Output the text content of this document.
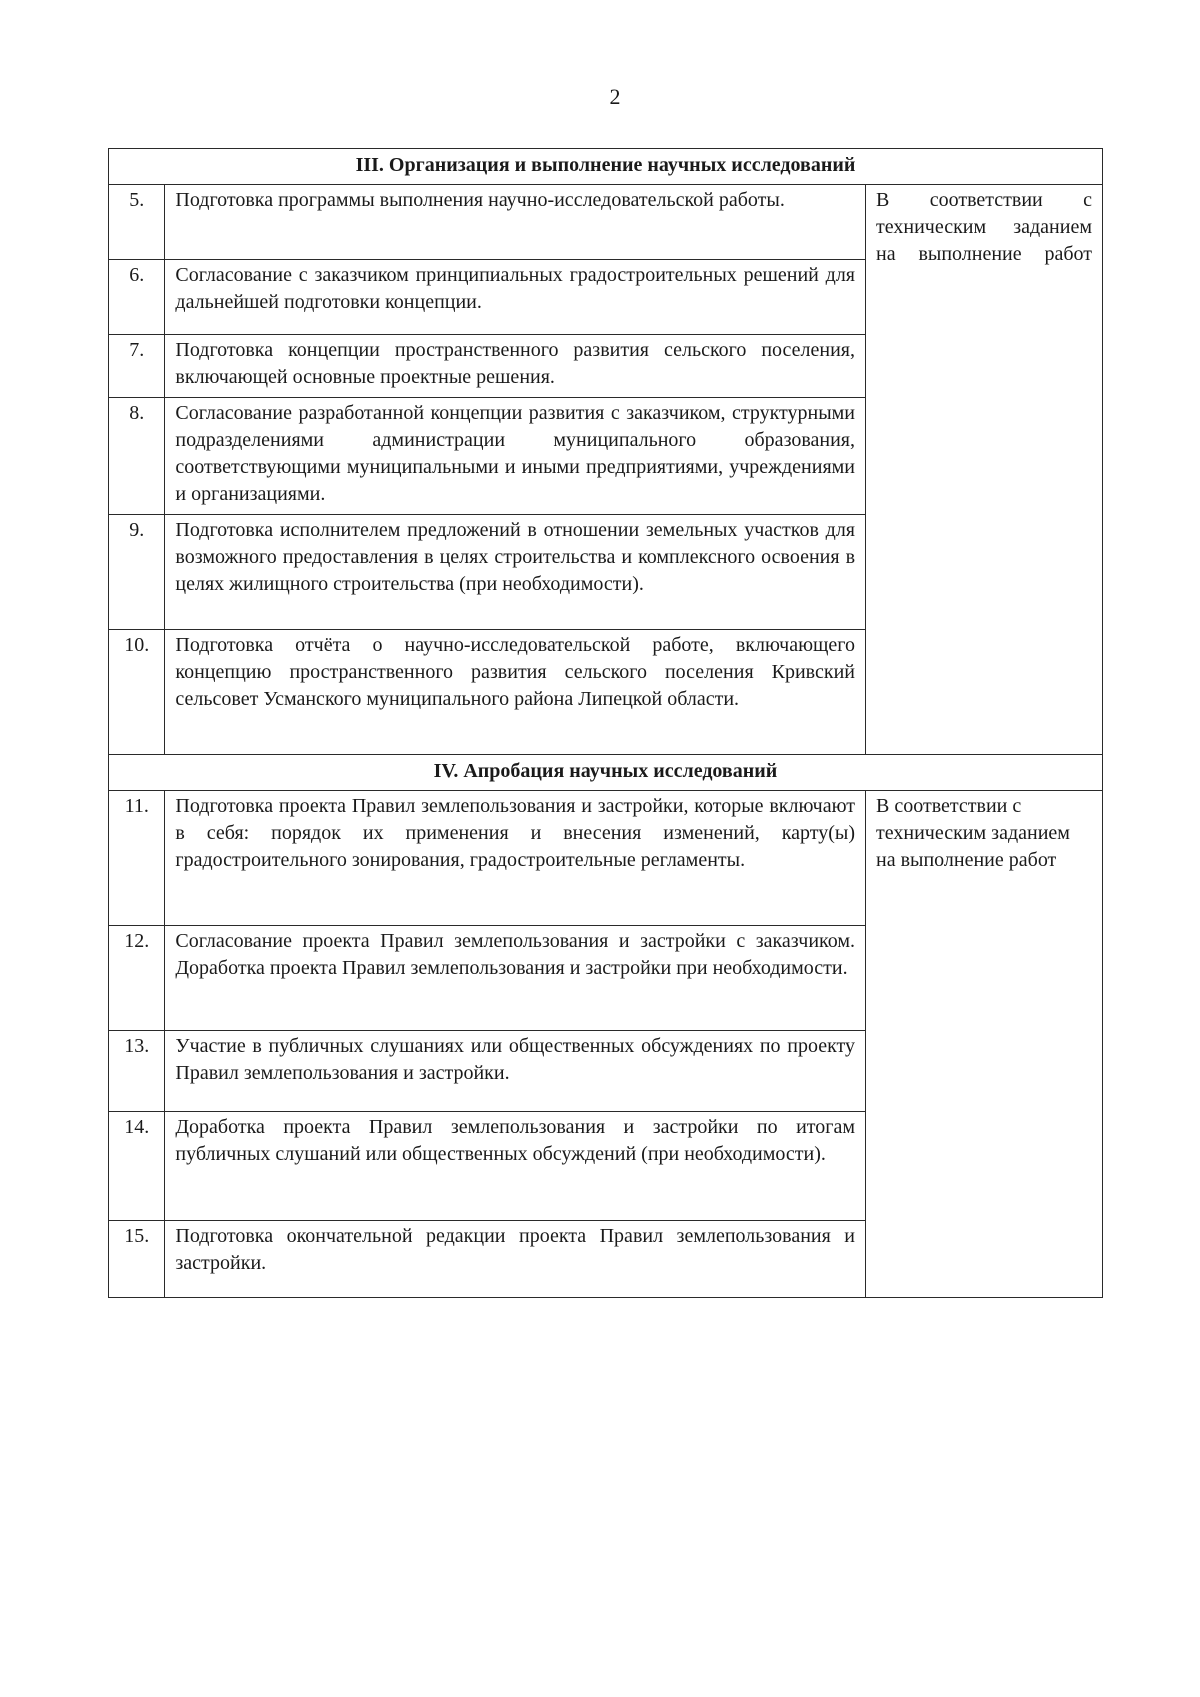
2
III. Организация и выполнение научных исследований		
5.	Подготовка программы выполнения научно-исследовательской работы.	В соответствии с техническим заданием на выполнение работ

6.	Согласование с заказчиком принципиальных градостроительных решений для дальнейшей подготовки концепции.	
7.	Подготовка концепции пространственного развития сельского поселения, включающей основные проектные решения.	
8.	Согласование разработанной концепции развития с заказчиком, структурными подразделениями администрации муниципального образования, соответствующими муниципальными и иными предприятиями, учреждениями и организациями.	
9.	Подготовка исполнителем предложений в отношении земельных участков для возможного предоставления в целях строительства и комплексного освоения в целях жилищного строительства (при необходимости).	
10.	Подготовка отчёта о научно-исследовательской работе, включающего концепцию пространственного развития сельского поселения Кривский сельсовет Усманского муниципального района Липецкой области.	
IV. Апробация научных исследований		
11.	Подготовка проекта Правил землепользования и застройки, которые включают в себя: порядок их применения и внесения изменений, карту(ы) градостроительного зонирования, градостроительные регламенты.	В соответствии с техническим заданием на выполнение работ

12.	Согласование проекта Правил землепользования и застройки с заказчиком. Доработка проекта Правил землепользования и застройки при необходимости.	
13.	Участие в публичных слушаниях или общественных обсуждениях по проекту Правил землепользования и застройки.	
14.	Доработка проекта Правил землепользования и застройки по итогам публичных слушаний или общественных обсуждений (при необходимости).	
15.	Подготовка окончательной редакции проекта Правил землепользования и застройки.	
